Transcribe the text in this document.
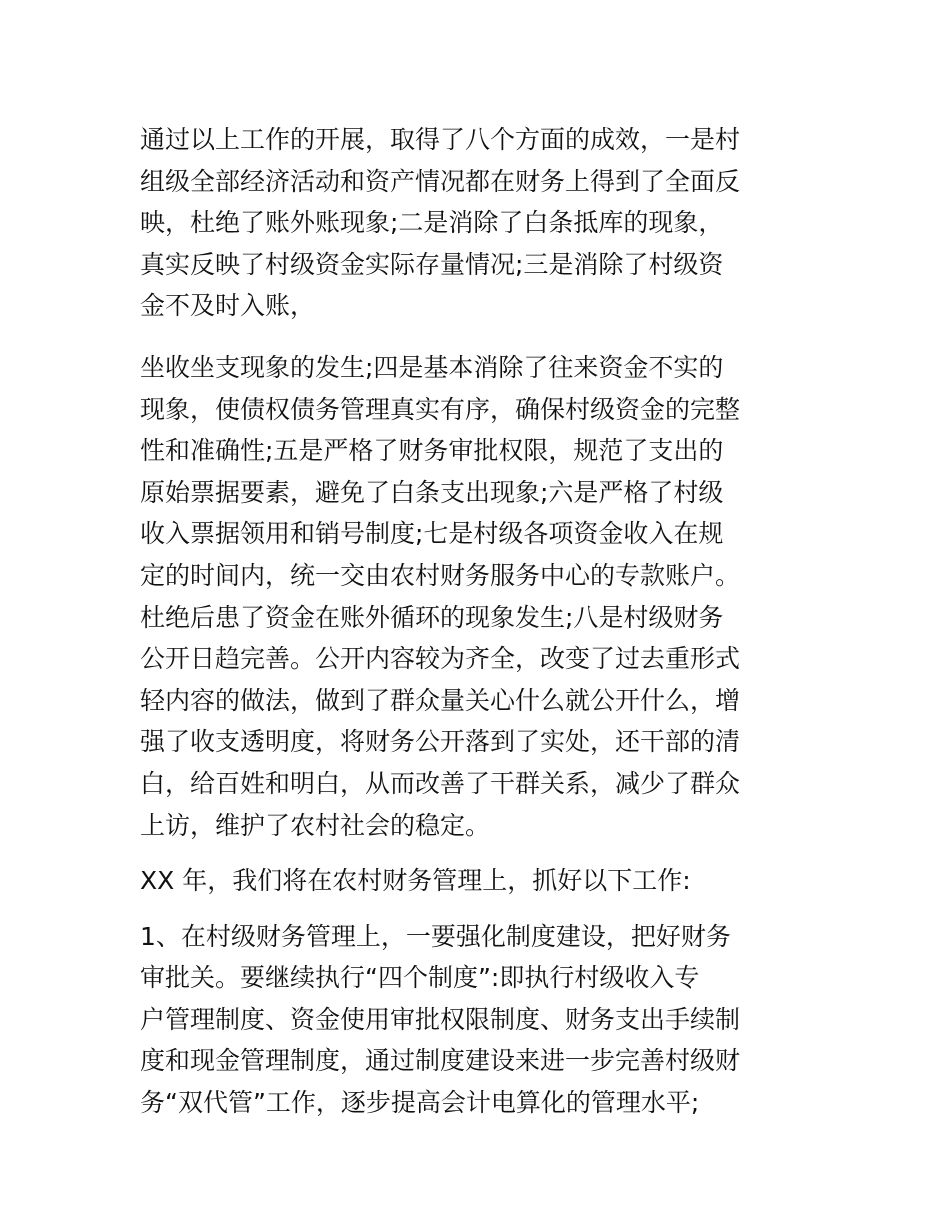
通过以上工作的开展，取得了八个方面的成效，一是村
组级全部经济活动和资产情况都在财务上得到了全面反
映，杜绝了账外账现象;二是消除了白条抵库的现象，
真实反映了村级资金实际存量情况;三是消除了村级资
金不及时入账，
坐收坐支现象的发生;四是基本消除了往来资金不实的
现象，使债权债务管理真实有序，确保村级资金的完整
性和准确性;五是严格了财务审批权限，规范了支出的
原始票据要素，避免了白条支出现象;六是严格了村级
收入票据领用和销号制度;七是村级各项资金收入在规
定的时间内，统一交由农村财务服务中心的专款账户。
杜绝后患了资金在账外循环的现象发生;八是村级财务
公开日趋完善。公开内容较为齐全，改变了过去重形式
轻内容的做法，做到了群众量关心什么就公开什么，增
强了收支透明度，将财务公开落到了实处，还干部的清
白，给百姓和明白，从而改善了干群关系，减少了群众
上访，维护了农村社会的稳定。
XX 年，我们将在农村财务管理上，抓好以下工作:
1、在村级财务管理上，一要强化制度建设，把好财务
审批关。要继续执行“四个制度”:即执行村级收入专
户管理制度、资金使用审批权限制度、财务支出手续制
度和现金管理制度，通过制度建设来进一步完善村级财
务“双代管”工作，逐步提高会计电算化的管理水平;
